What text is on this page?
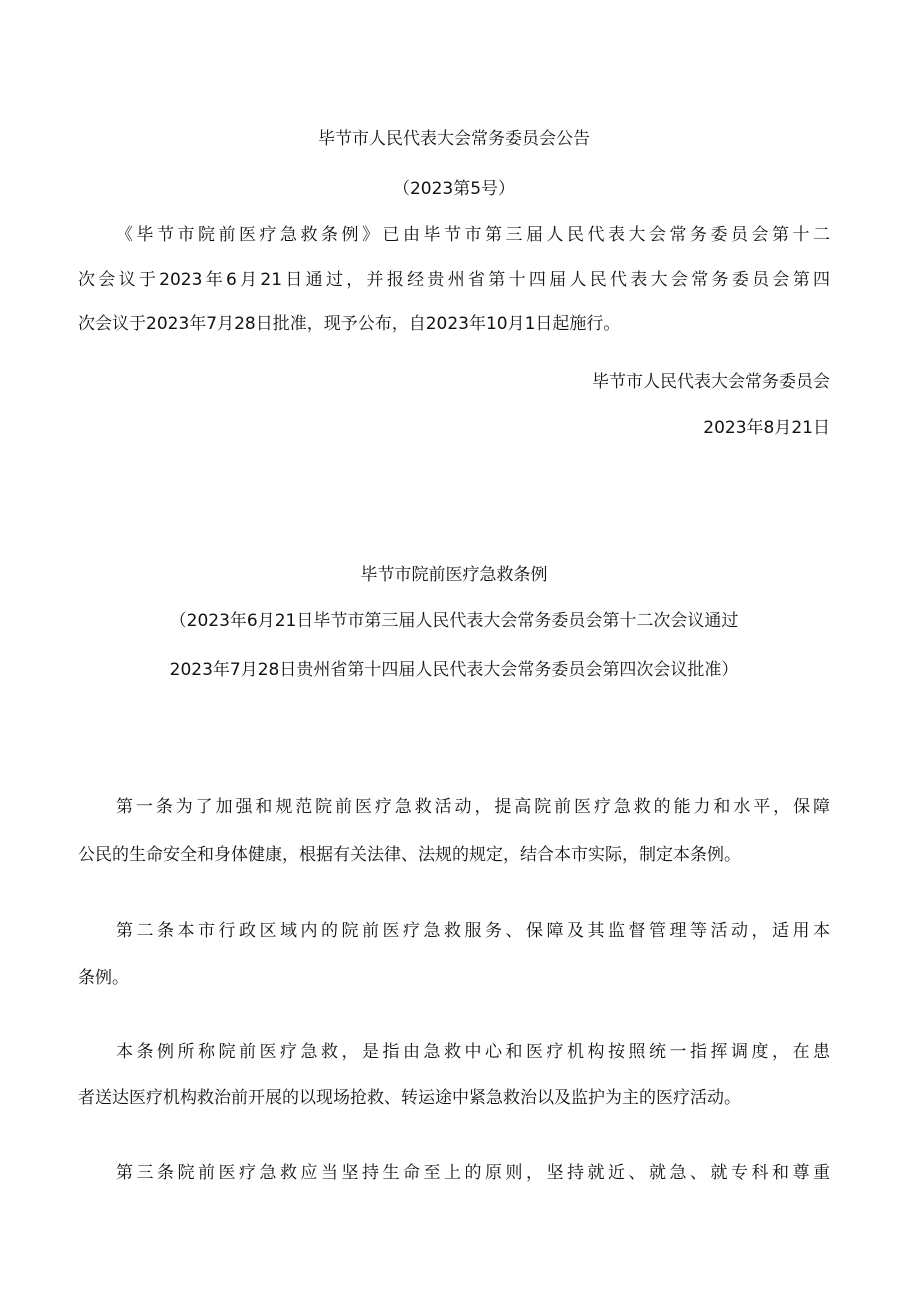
毕节市人民代表大会常务委员会公告
（2023第5号）
《毕节市院前医疗急救条例》已由毕节市第三届人民代表大会常务委员会第十二
次会议于2023年6月21日通过，并报经贵州省第十四届人民代表大会常务委员会第四
次会议于2023年7月28日批准，现予公布，自2023年10月1日起施行。
毕节市人民代表大会常务委员会
2023年8月21日
毕节市院前医疗急救条例
（2023年6月21日毕节市第三届人民代表大会常务委员会第十二次会议通过
2023年7月28日贵州省第十四届人民代表大会常务委员会第四次会议批准）
第一条为了加强和规范院前医疗急救活动，提高院前医疗急救的能力和水平，保障
公民的生命安全和身体健康，根据有关法律、法规的规定，结合本市实际，制定本条例。
第二条本市行政区域内的院前医疗急救服务、保障及其监督管理等活动，适用本
条例。
本条例所称院前医疗急救，是指由急救中心和医疗机构按照统一指挥调度，在患
者送达医疗机构救治前开展的以现场抢救、转运途中紧急救治以及监护为主的医疗活动。
第三条院前医疗急救应当坚持生命至上的原则，坚持就近、就急、就专科和尊重
